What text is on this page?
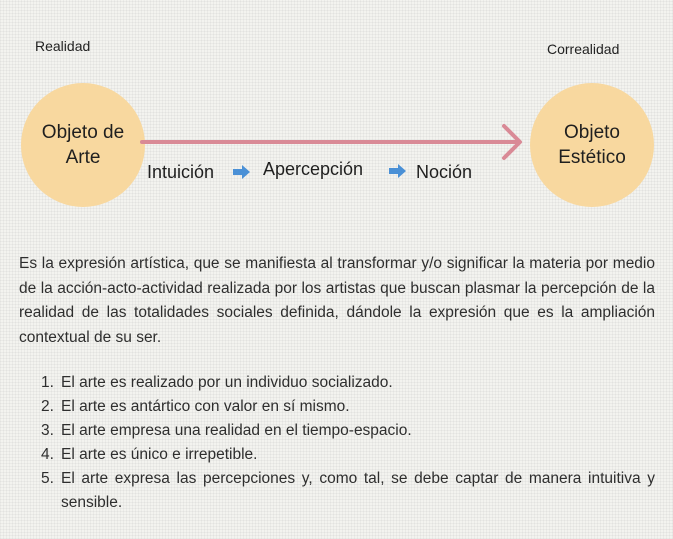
Realidad	Correalidad
Objeto de Arte
Objeto Estético
Intuición	Apercepción	Noción

Es la expresión artística, que se manifiesta al transformar y/o significar la materia por medio de la acción-acto-actividad realizada por los artistas que buscan plasmar la percepción de la realidad de las totalidades sociales definida, dándole la expresión que es la ampliación contextual de su ser.

1. El arte es realizado por un individuo socializado.
2. El arte es antártico con valor en sí mismo.
3. El arte empresa una realidad en el tiempo-espacio.
4. El arte es único e irrepetible.
5. El arte expresa las percepciones y, como tal, se debe captar de manera intuitiva y sensible.
